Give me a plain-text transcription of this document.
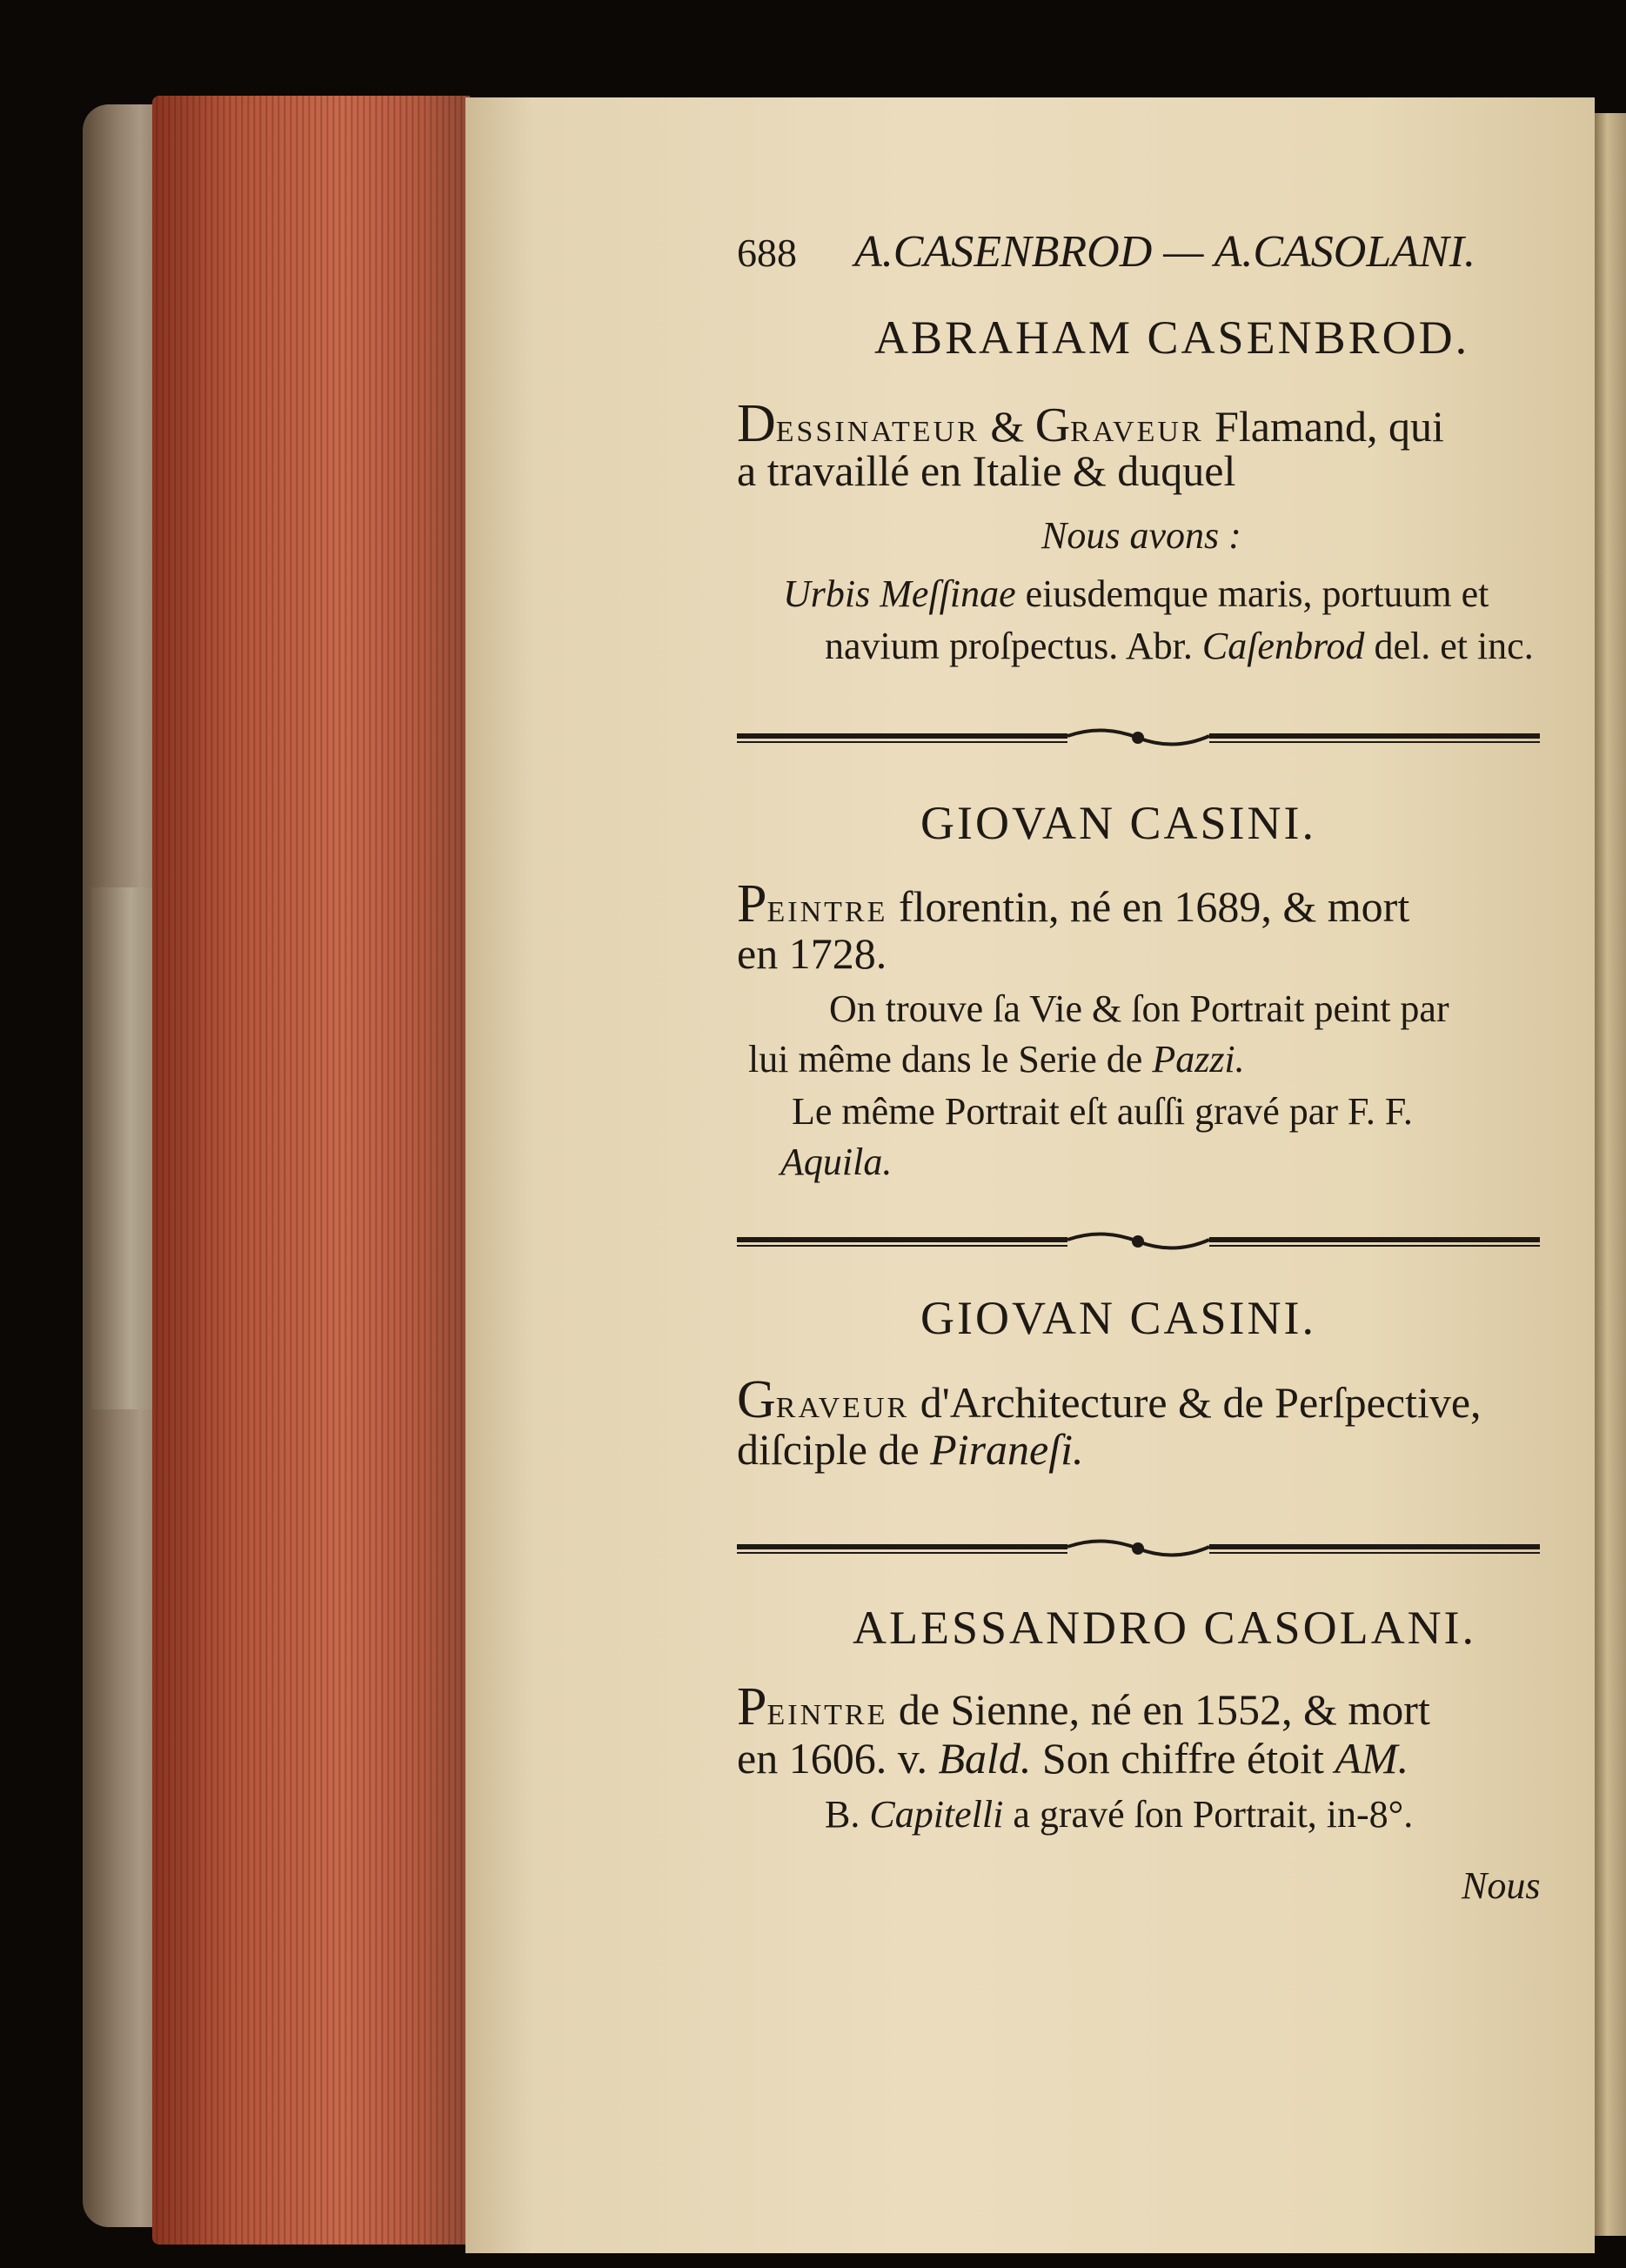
688 A.CASENBROD — A.CASOLANI.
ABRAHAM CASENBROD.
DESSINATEUR & GRAVEUR Flamand, qui
a travaillé en Italie & duquel
Nous avons :
Urbis Meſſinae eiusdemque maris, portuum et
navium proſpectus. Abr. Caſenbrod del. et inc.
GIOVAN CASINI.
PEINTRE florentin, né en 1689, & mort
en 1728.
On trouve ſa Vie & ſon Portrait peint par
lui même dans le Serie de Pazzi.
Le même Portrait eſt auſſi gravé par F. F.
Aquila.
GIOVAN CASINI.
GRAVEUR d'Architecture & de Perſpective,
diſciple de Piraneſi.
ALESSANDRO CASOLANI.
PEINTRE de Sienne, né en 1552, & mort
en 1606. v. Bald. Son chiffre étoit AM.
B. Capitelli a gravé ſon Portrait, in-8°.
Nous
